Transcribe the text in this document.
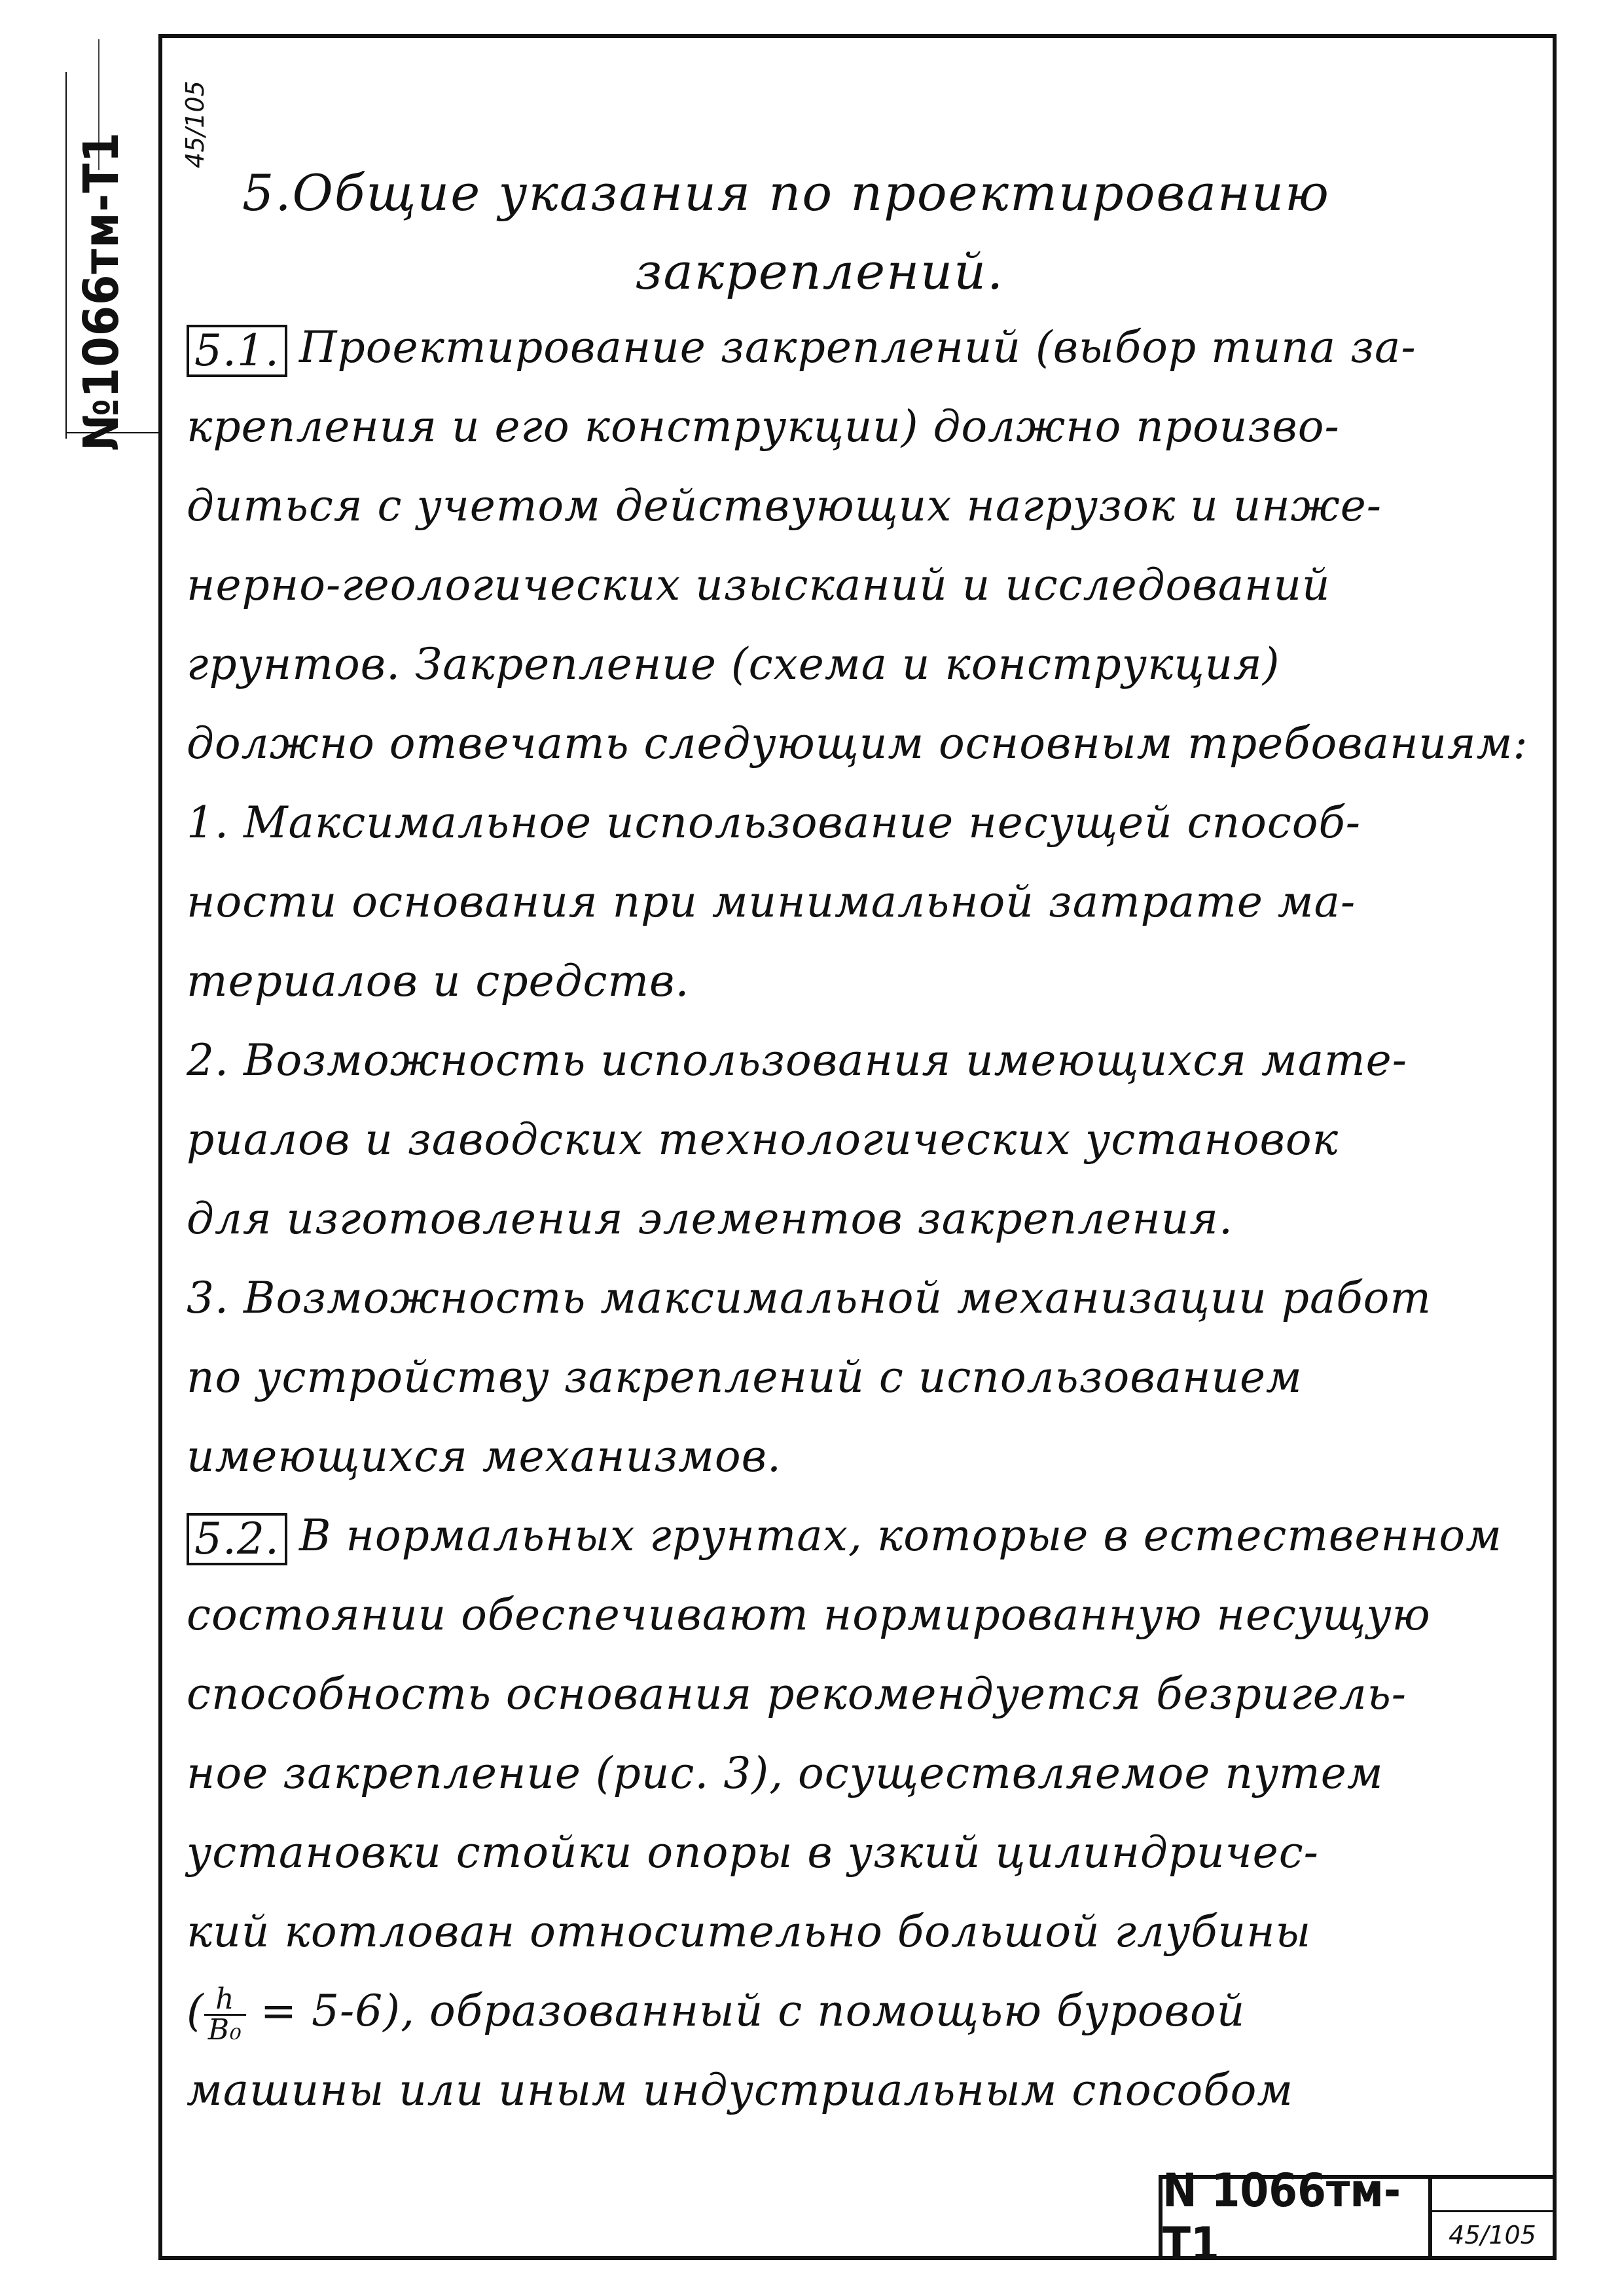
№1066тм-Т1
45/105
5.Общие указания по проектированию
закреплений.
5.1. Проектирование закреплений (выбор типа за-
крепления и его конструкции) должно произво-
диться с учетом действующих нагрузок и инже-
нерно-геологических изысканий и исследований
грунтов. Закрепление (схема и конструкция)
должно отвечать следующим основным требованиям:
1. Максимальное использование несущей способ-
ности основания при минимальной затрате ма-
териалов и средств.
2. Возможность использования имеющихся мате-
риалов и заводских технологических установок
для изготовления элементов закрепления.
3. Возможность максимальной механизации работ
по устройству закреплений с использованием
имеющихся механизмов.
5.2. В нормальных грунтах, которые в естественном
состоянии обеспечивают нормированную несущую
способность основания рекомендуется безригель-
ное закрепление (рис. 3), осуществляемое путем
установки стойки опоры в узкий цилиндричес-
кий котлован относительно большой глубины
( $\frac{h}{\text{B₀}} = 5-6$), образованный с помощью буровой
машины или иным индустриальным способом
N 1066тм-Т1	45/105
